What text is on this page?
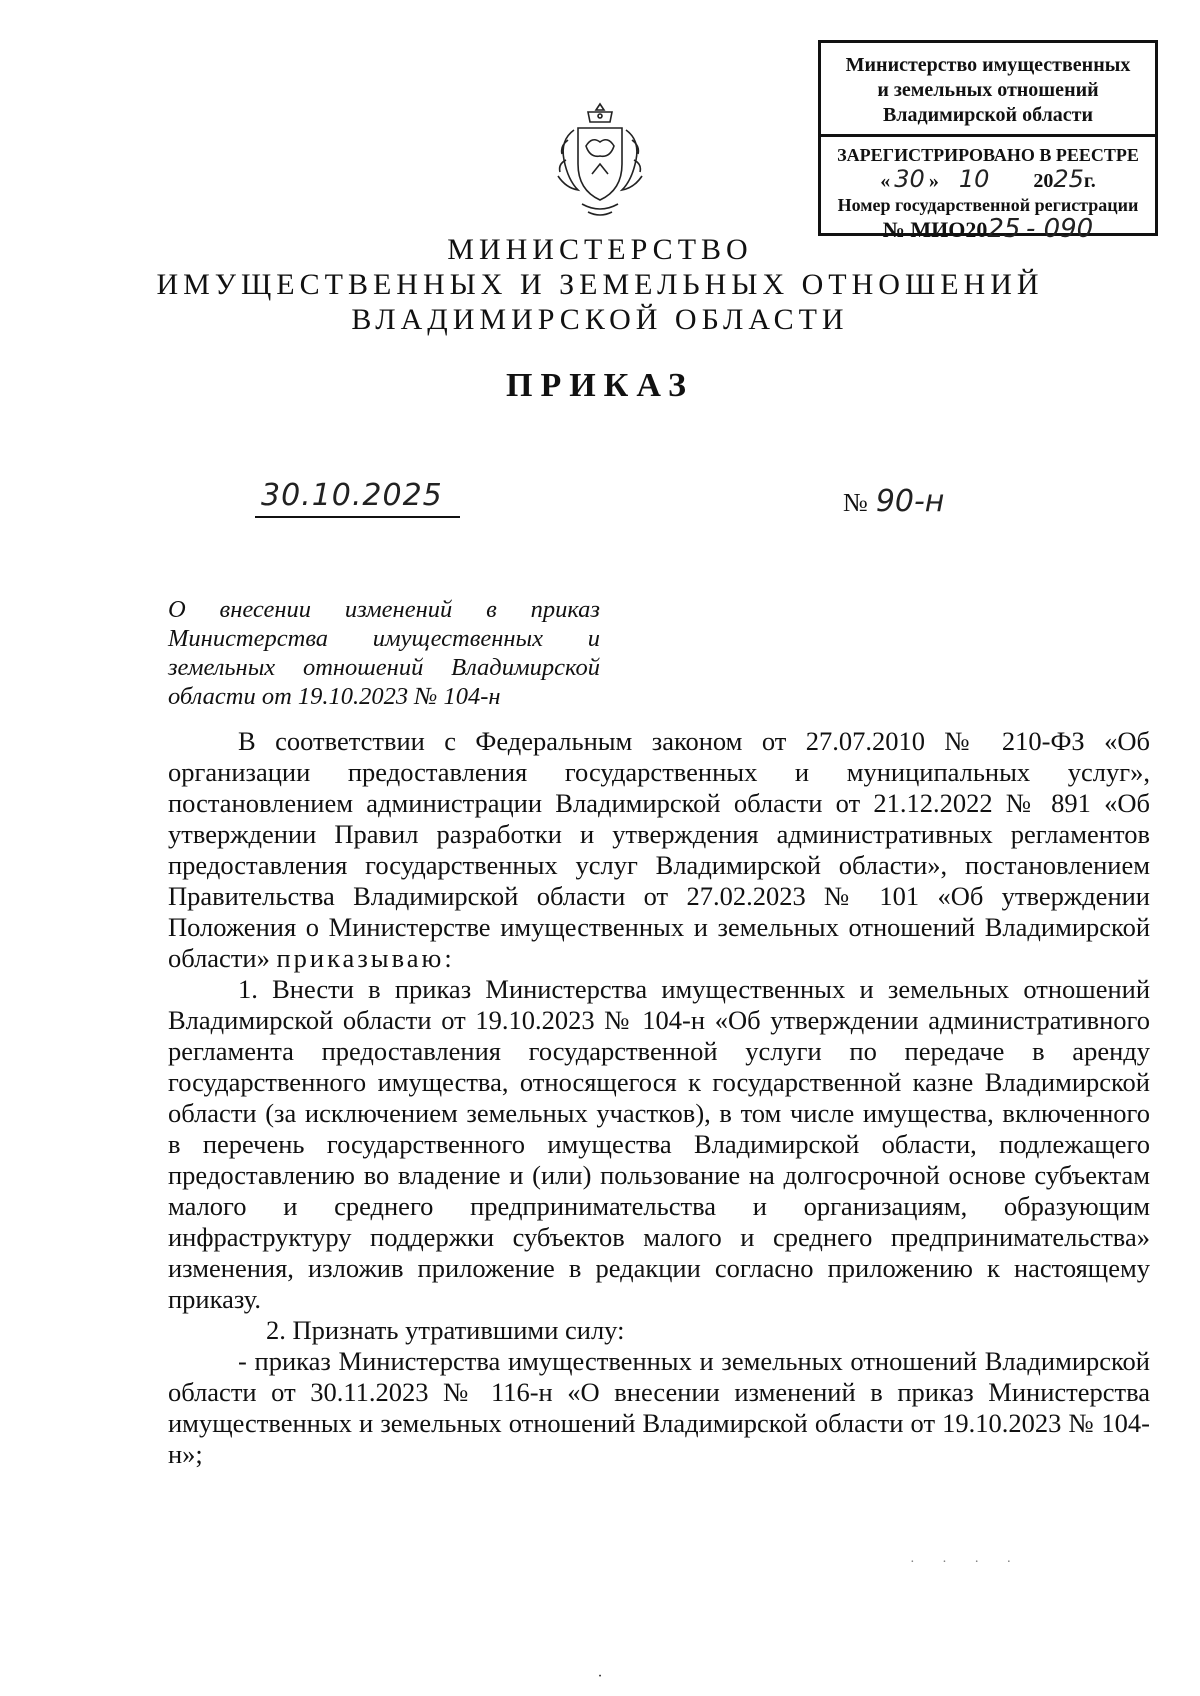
Министерство имущественных
и земельных отношений
Владимирской области
ЗАРЕГИСТРИРОВАНО В РЕЕСТРЕ
« 30 » 10 2025г.
Номер государственной регистрации
№ МИО2025 - 090
МИНИСТЕРСТВО
ИМУЩЕСТВЕННЫХ И ЗЕМЕЛЬНЫХ ОТНОШЕНИЙ
ВЛАДИМИРСКОЙ ОБЛАСТИ
ПРИКАЗ
30.10.2025	№ 90-н
О внесении изменений в приказ Министерства имущественных и земельных отношений Владимирской области от 19.10.2023 № 104-н

В соответствии с Федеральным законом от 27.07.2010 № 210-ФЗ «Об организации предоставления государственных и муниципальных услуг», постановлением администрации Владимирской области от 21.12.2022 № 891 «Об утверждении Правил разработки и утверждения административных регламентов предоставления государственных услуг Владимирской области», постановлением Правительства Владимирской области от 27.02.2023 № 101 «Об утверждении Положения о Министерстве имущественных и земельных отношений Владимирской области» приказываю:

1. Внести в приказ Министерства имущественных и земельных отношений Владимирской области от 19.10.2023 № 104-н «Об утверждении административного регламента предоставления государственной услуги по передаче в аренду государственного имущества, относящегося к государственной казне Владимирской области (за исключением земельных участков), в том числе имущества, включенного в перечень государственного имущества Владимирской области, подлежащего предоставлению во владение и (или) пользование на долгосрочной основе субъектам малого и среднего предпринимательства и организациям, образующим инфраструктуру поддержки субъектов малого и среднего предпринимательства» изменения, изложив приложение в редакции согласно приложению к настоящему приказу.

2. Признать утратившими силу:

- приказ Министерства имущественных и земельных отношений Владимирской области от 30.11.2023 № 116-н «О внесении изменений в приказ Министерства имущественных и земельных отношений Владимирской области от 19.10.2023 № 104-н»;

· · · ·
·
